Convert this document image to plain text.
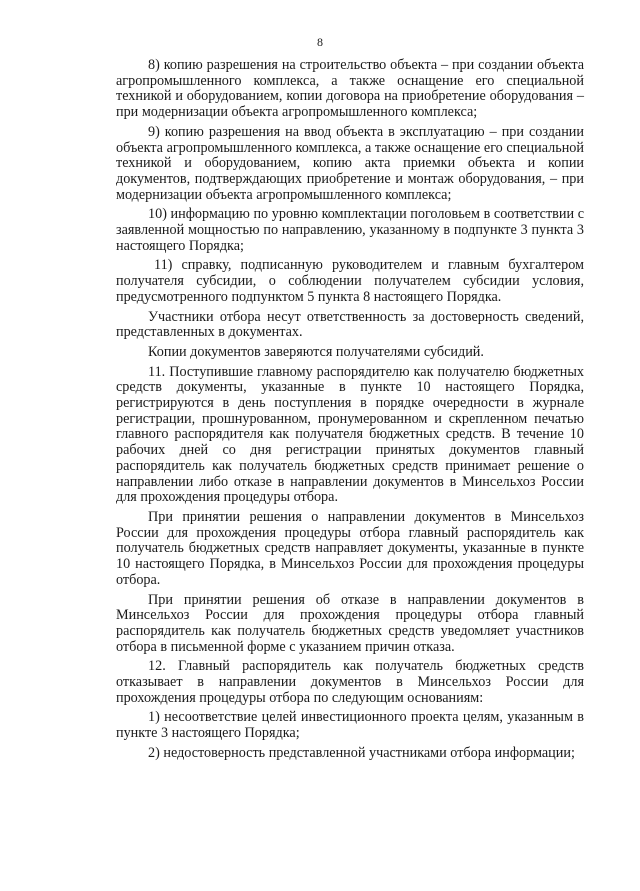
8

8) копию разрешения на строительство объекта – при создании объекта агропромышленного комплекса, а также оснащение его специальной техникой и оборудованием, копии договора на приобретение оборудования – при модернизации объекта агропромышленного комплекса;

9) копию разрешения на ввод объекта в эксплуатацию – при создании объекта агропромышленного комплекса, а также оснащение его специальной техникой и оборудованием, копию акта приемки объекта и копии документов, подтверждающих приобретение и монтаж оборудования, – при модернизации объекта агропромышленного комплекса;

10) информацию по уровню комплектации поголовьем в соответствии с заявленной мощностью по направлению, указанному в подпункте 3 пункта 3 настоящего Порядка;

11) справку, подписанную руководителем и главным бухгалтером получателя субсидии, о соблюдении получателем субсидии условия, предусмотренного подпунктом 5 пункта 8 настоящего Порядка.

Участники отбора несут ответственность за достоверность сведений, представленных в документах.

Копии документов заверяются получателями субсидий.

11. Поступившие главному распорядителю как получателю бюджетных средств документы, указанные в пункте 10 настоящего Порядка, регистрируются в день поступления в порядке очередности в журнале регистрации, прошнурованном, пронумерованном и скрепленном печатью главного распорядителя как получателя бюджетных средств. В течение 10 рабочих дней со дня регистрации принятых документов главный распорядитель как получатель бюджетных средств принимает решение о направлении либо отказе в направлении документов в Минсельхоз России для прохождения процедуры отбора.

При принятии решения о направлении документов в Минсельхоз России для прохождения процедуры отбора главный распорядитель как получатель бюджетных средств направляет документы, указанные в пункте 10 настоящего Порядка, в Минсельхоз России для прохождения процедуры отбора.

При принятии решения об отказе в направлении документов в Минсельхоз России для прохождения процедуры отбора главный распорядитель как получатель бюджетных средств уведомляет участников отбора в письменной форме с указанием причин отказа.

12. Главный распорядитель как получатель бюджетных средств отказывает в направлении документов в Минсельхоз России для прохождения процедуры отбора по следующим основаниям:

1) несоответствие целей инвестиционного проекта целям, указанным в пункте 3 настоящего Порядка;

2) недостоверность представленной участниками отбора информации;
